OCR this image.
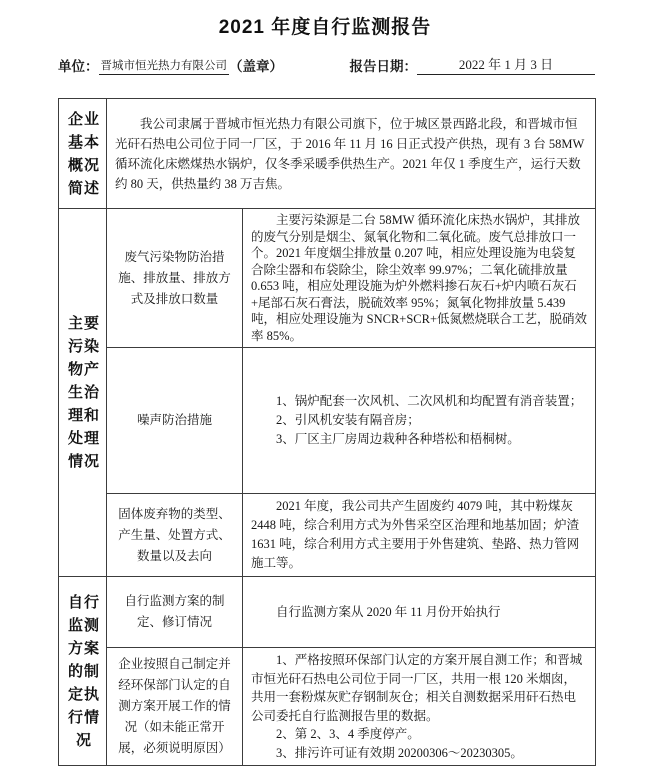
2021 年度自行监测报告
单位： 晋城市恒光热力有限公司 （盖章）	报告日期：	2022 年 1 月 3 日
企业基本概况简述	我公司隶属于晋城市恒光热力有限公司旗下，位于城区景西路北段，和晋城市恒光矸石热电公司位于同一厂区，于 2016 年 11 月 16 日正式投产供热，现有 3 台 58MW 循环流化床燃煤热水锅炉，仅冬季采暖季供热生产。2021 年仅 1 季度生产，运行天数约 80 天，供热量约 38 万吉焦。	

主要污染物产生治理和处理情况	废气污染物防治措施、排放量、排放方式及排放口数量	主要污染源是二台 58MW 循环流化床热水锅炉，其排放的废气分别是烟尘、氮氧化物和二氧化硫。废气总排放口一个。2021 年度烟尘排放量 0.207 吨，相应处理设施为电袋复合除尘器和布袋除尘，除尘效率 99.97%；二氧化硫排放量 0.653 吨，相应处理设施为炉外燃料掺石灰石+炉内喷石灰石+尾部石灰石膏法，脱硫效率 95%；氮氧化物排放量 5.439 吨，相应处理设施为 SNCR+SCR+低氮燃烧联合工艺，脱硝效率 85%。

	噪声防治措施	1、锅炉配套一次风机、二次风机和均配置有消音装置；

2、引风机安装有隔音房；

3、厂区主厂房周边栽种各种塔松和梧桐树。

	固体废弃物的类型、产生量、处置方式、数量以及去向	2021 年度，我公司共产生固废约 4079 吨，其中粉煤灰 2448 吨，综合利用方式为外售采空区治理和地基加固；炉渣 1631 吨，综合利用方式主要用于外售建筑、垫路、热力管网施工等。

自行监测方案的制定执行情况	自行监测方案的制定、修订情况	自行监测方案从 2020 年 11 月份开始执行

	企业按照自己制定并经环保部门认定的自测方案开展工作的情况（如未能正常开展，必须说明原因）	1、严格按照环保部门认定的方案开展自测工作；和晋城市恒光矸石热电公司位于同一厂区，共用一根 120 米烟囱，共用一套粉煤灰贮存钢制灰仓；相关自测数据采用矸石热电公司委托自行监测报告里的数据。

2、第 2、3、4 季度停产。

3、排污许可证有效期 20200306～20230305。
